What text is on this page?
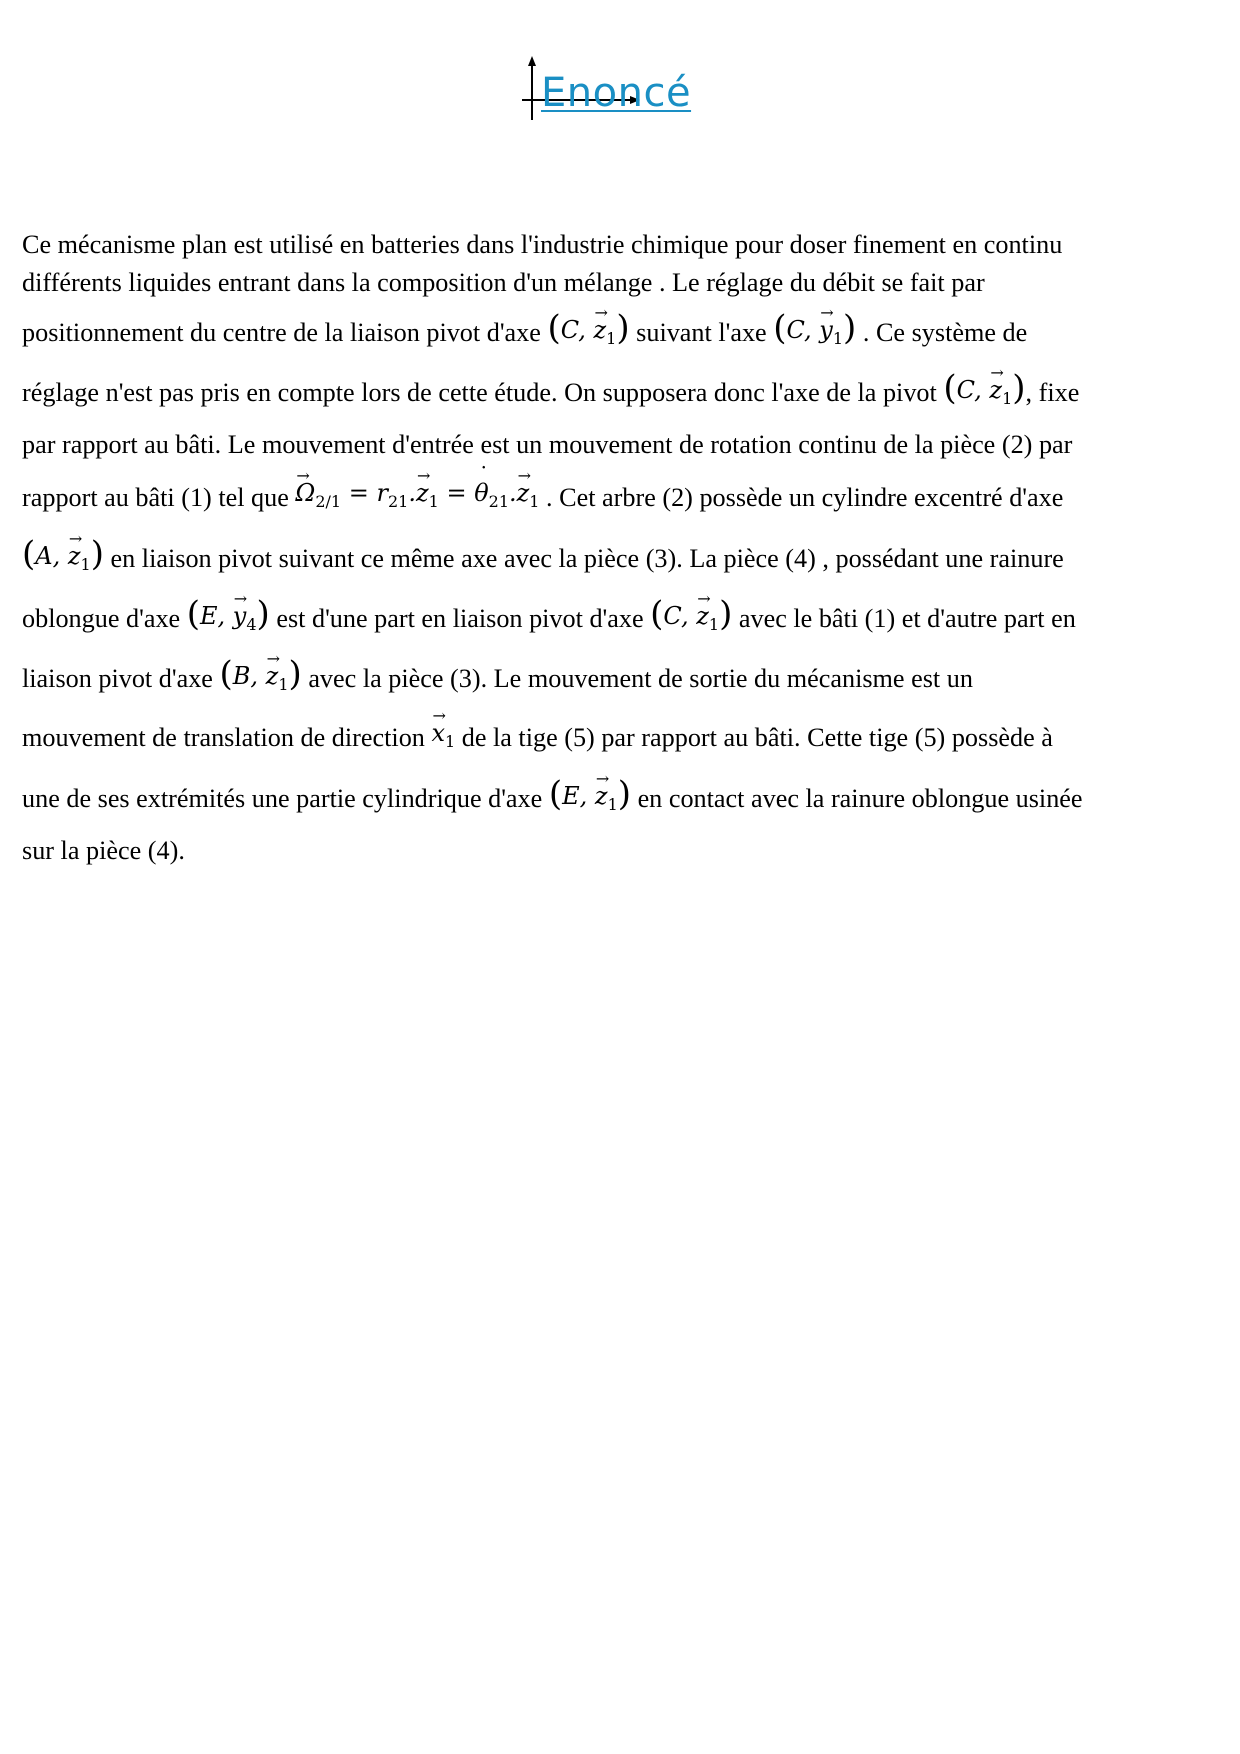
Enoncé
Ce mécanisme plan est utilisé en batteries dans l'industrie chimique pour doser finement en continu
différents liquides entrant dans la composition d'un mélange . Le réglage du débit se fait par
positionnement du centre de la liaison pivot d'axe (C, → $z_1$) suivant l'axe (C, → $y_1$) . Ce système de
réglage n'est pas pris en compte lors de cette étude. On supposera donc l'axe de la pivot (C, → $z_1$), fixe
par rapport au bâti. Le mouvement d'entrée est un mouvement de rotation continu de la pièce (2) par
rapport au bâti (1) tel que → $\Omega_{2/1} = r_{21}.\to z_1$ = ˙ $\theta_{21}.\to z_1$ . Cet arbre (2) possède un cylindre excentré d'axe
(A, → $z_1$) en liaison pivot suivant ce même axe avec la pièce (3). La pièce (4) , possédant une rainure
oblongue d'axe (E, → $y_4$) est d'une part en liaison pivot d'axe (C, → $z_1$) avec le bâti (1) et d'autre part en
liaison pivot d'axe (B, → $z_1$) avec la pièce (3). Le mouvement de sortie du mécanisme est un
mouvement de translation de direction → $x_1$ de la tige (5) par rapport au bâti. Cette tige (5) possède à
une de ses extrémités une partie cylindrique d'axe (E, → $z_1$) en contact avec la rainure oblongue usinée
sur la pièce (4).
